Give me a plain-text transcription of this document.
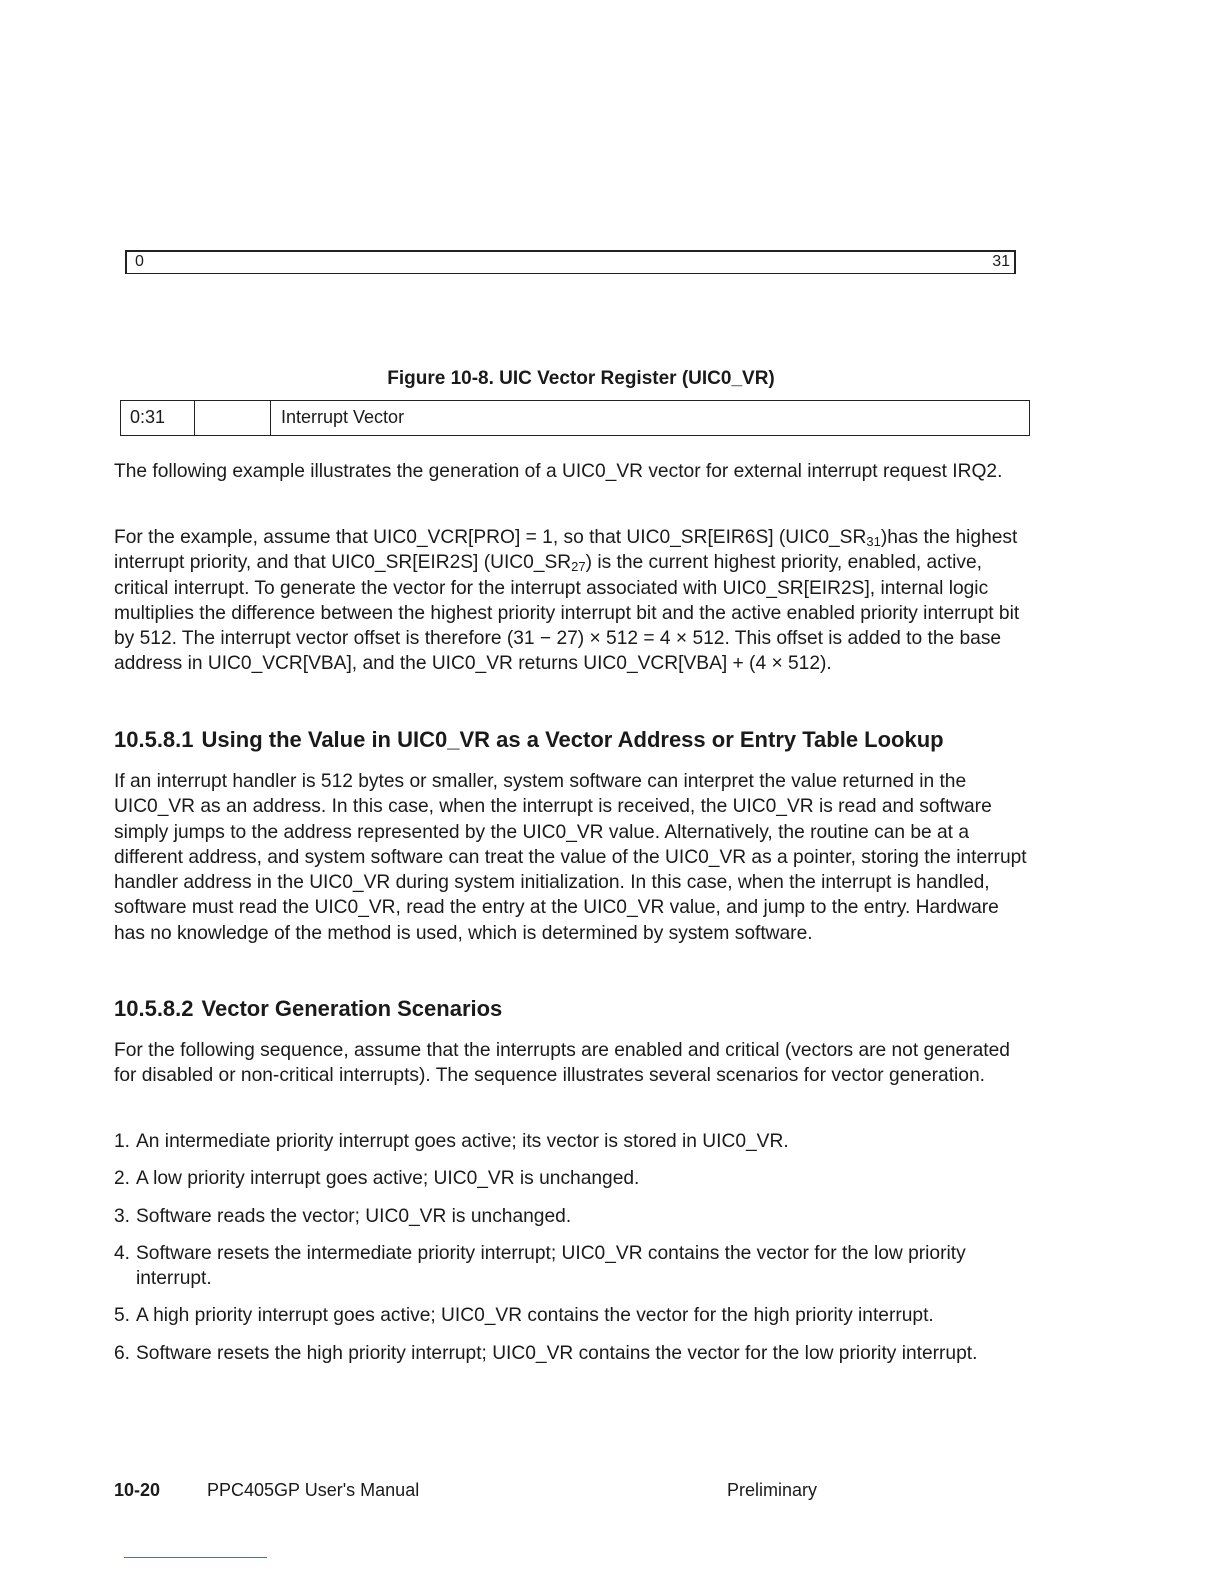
0	31
Figure 10-8. UIC Vector Register (UIC0_VR)
0:31	Interrupt Vector

The following example illustrates the generation of a UIC0_VR vector for external interrupt request IRQ2.

For the example, assume that UIC0_VCR[PRO] = 1, so that UIC0_SR[EIR6S] $(UIC0\_SR_{31})has$ the highest interrupt priority, and that UIC0_SR[EIR2S] $(UIC0\_SR_{27})$ is the current highest priority, enabled, active, critical interrupt. To generate the vector for the interrupt associated with UIC0_SR[EIR2S], internal logic multiplies the difference between the highest priority interrupt bit and the active enabled priority interrupt bit by 512. The interrupt vector offset is therefore (31 − 27) × 512 = 4 × 512. This offset is added to the base address in UIC0_VCR[VBA], and the UIC0_VR returns UIC0_VCR[VBA] + (4 × 512).

10.5.8.1 Using the Value in UIC0_VR as a Vector Address or Entry Table Lookup

If an interrupt handler is 512 bytes or smaller, system software can interpret the value returned in the UIC0_VR as an address. In this case, when the interrupt is received, the UIC0_VR is read and software simply jumps to the address represented by the UIC0_VR value. Alternatively, the routine can be at a different address, and system software can treat the value of the UIC0_VR as a pointer, storing the interrupt handler address in the UIC0_VR during system initialization. In this case, when the interrupt is handled, software must read the UIC0_VR, read the entry at the UIC0_VR value, and jump to the entry. Hardware has no knowledge of the method is used, which is determined by system software.

10.5.8.2 Vector Generation Scenarios

For the following sequence, assume that the interrupts are enabled and critical (vectors are not generated for disabled or non-critical interrupts). The sequence illustrates several scenarios for vector generation.

1. An intermediate priority interrupt goes active; its vector is stored in UIC0_VR.
2. A low priority interrupt goes active; UIC0_VR is unchanged.
3. Software reads the vector; UIC0_VR is unchanged.
4. Software resets the intermediate priority interrupt; UIC0_VR contains the vector for the low priority interrupt.
5. A high priority interrupt goes active; UIC0_VR contains the vector for the high priority interrupt.
6. Software resets the high priority interrupt; UIC0_VR contains the vector for the low priority interrupt.
10-20	PPC405GP User's Manual	Preliminary
